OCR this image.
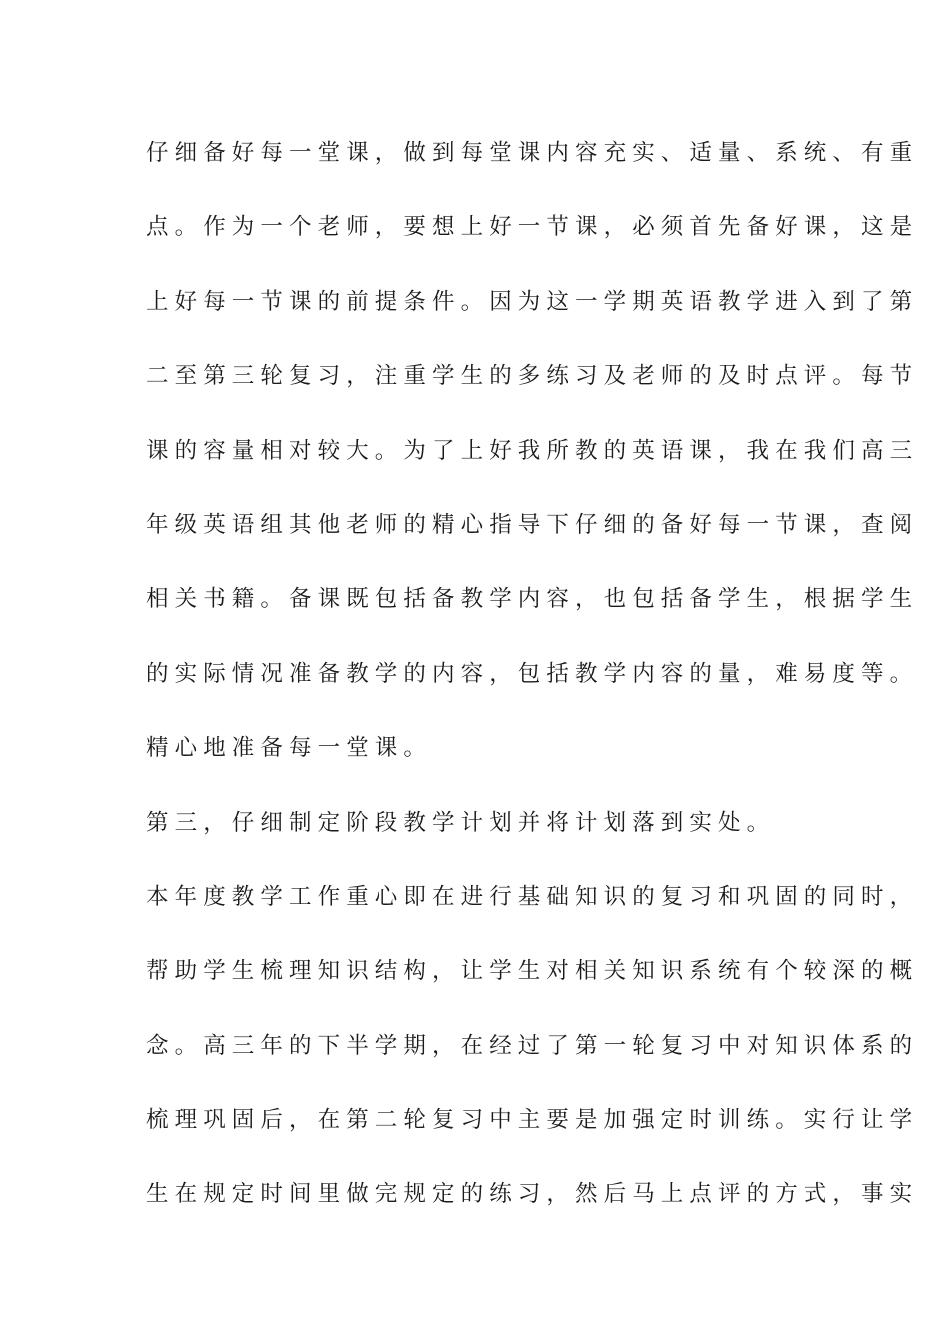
仔细备好每一堂课，做到每堂课内容充实、适量、系统、有重
点。作为一个老师，要想上好一节课，必须首先备好课，这是
上好每一节课的前提条件。因为这一学期英语教学进入到了第
二至第三轮复习，注重学生的多练习及老师的及时点评。每节
课的容量相对较大。为了上好我所教的英语课，我在我们高三
年级英语组其他老师的精心指导下仔细的备好每一节课，查阅
相关书籍。备课既包括备教学内容，也包括备学生，根据学生
的实际情况准备教学的内容，包括教学内容的量，难易度等。
精心地准备每一堂课。
第三，仔细制定阶段教学计划并将计划落到实处。
本年度教学工作重心即在进行基础知识的复习和巩固的同时，
帮助学生梳理知识结构，让学生对相关知识系统有个较深的概
念。高三年的下半学期，在经过了第一轮复习中对知识体系的
梳理巩固后，在第二轮复习中主要是加强定时训练。实行让学
生在规定时间里做完规定的练习，然后马上点评的方式，事实
